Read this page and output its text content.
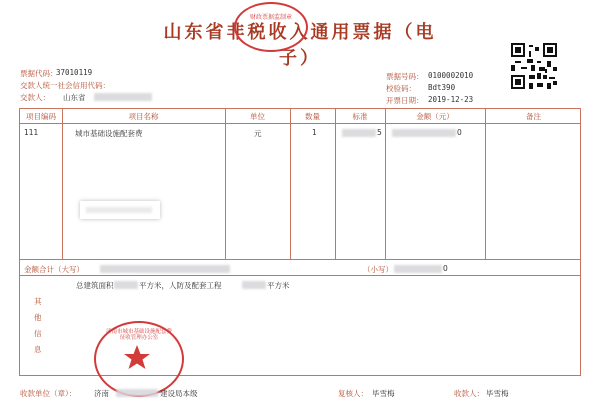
山东省非税收入通用票据（电子）
财政票据监制章
票据代码：
37010119
交款人统一社会信用代码：
交款人： 山东省
票据号码： 0100002010
校验码： Bdt390
开票日期： 2019-12-23
项目编码	项目名称	单位	数量	标准	金额（元）	备注
111	城市基础设施配套费	元	1	5	0
金额合计（大写）	（小写）	0
其他信息
总建筑面积	平方米，人防及配套工程	平方米
济南市城市基础设施配套费征收管理办公室
收款单位（章）： 济南	建设局本级	复核人： 毕雪梅	收款人： 毕雪梅
